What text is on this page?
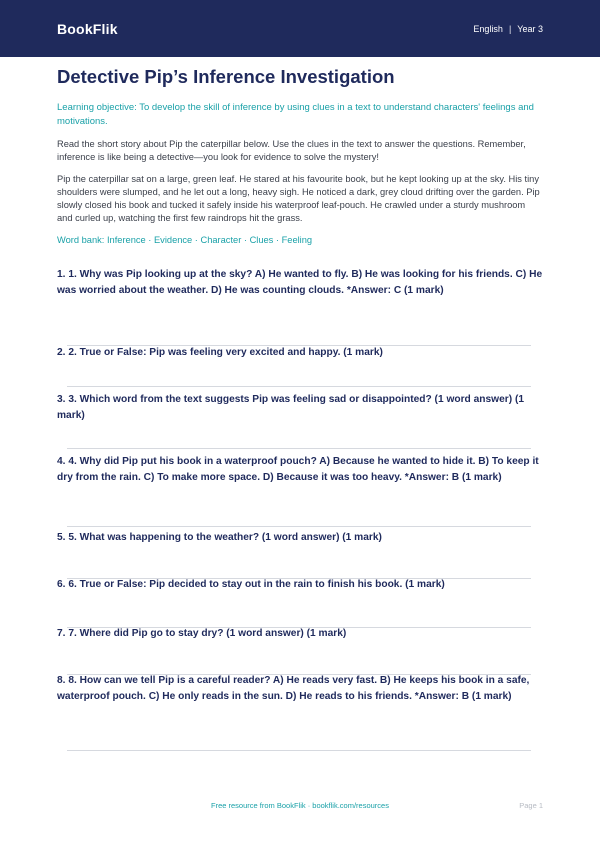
BookFlik	English | Year 3
Detective Pip’s Inference Investigation

Learning objective: To develop the skill of inference by using clues in a text to understand characters' feelings and motivations.

Read the short story about Pip the caterpillar below. Use the clues in the text to answer the questions. Remember, inference is like being a detective—you look for evidence to solve the mystery!

Pip the caterpillar sat on a large, green leaf. He stared at his favourite book, but he kept looking up at the sky. His tiny shoulders were slumped, and he let out a long, heavy sigh. He noticed a dark, grey cloud drifting over the garden. Pip slowly closed his book and tucked it safely inside his waterproof leaf-pouch. He crawled under a sturdy mushroom and curled up, watching the first few raindrops hit the grass.

Word bank: Inference · Evidence · Character · Clues · Feeling

1. 1. Why was Pip looking up at the sky? A) He wanted to fly. B) He was looking for his friends. C) He was worried about the weather. D) He was counting clouds. *Answer: C (1 mark)

2. 2. True or False: Pip was feeling very excited and happy. (1 mark)

3. 3. Which word from the text suggests Pip was feeling sad or disappointed? (1 word answer) (1 mark)

4. 4. Why did Pip put his book in a waterproof pouch? A) Because he wanted to hide it. B) To keep it dry from the rain. C) To make more space. D) Because it was too heavy. *Answer: B (1 mark)

5. 5. What was happening to the weather? (1 word answer) (1 mark)

6. 6. True or False: Pip decided to stay out in the rain to finish his book. (1 mark)

7. 7. Where did Pip go to stay dry? (1 word answer) (1 mark)

8. 8. How can we tell Pip is a careful reader? A) He reads very fast. B) He keeps his book in a safe, waterproof pouch. C) He only reads in the sun. D) He reads to his friends. *Answer: B (1 mark)

Free resource from BookFlik · bookflik.com/resources	Page 1
